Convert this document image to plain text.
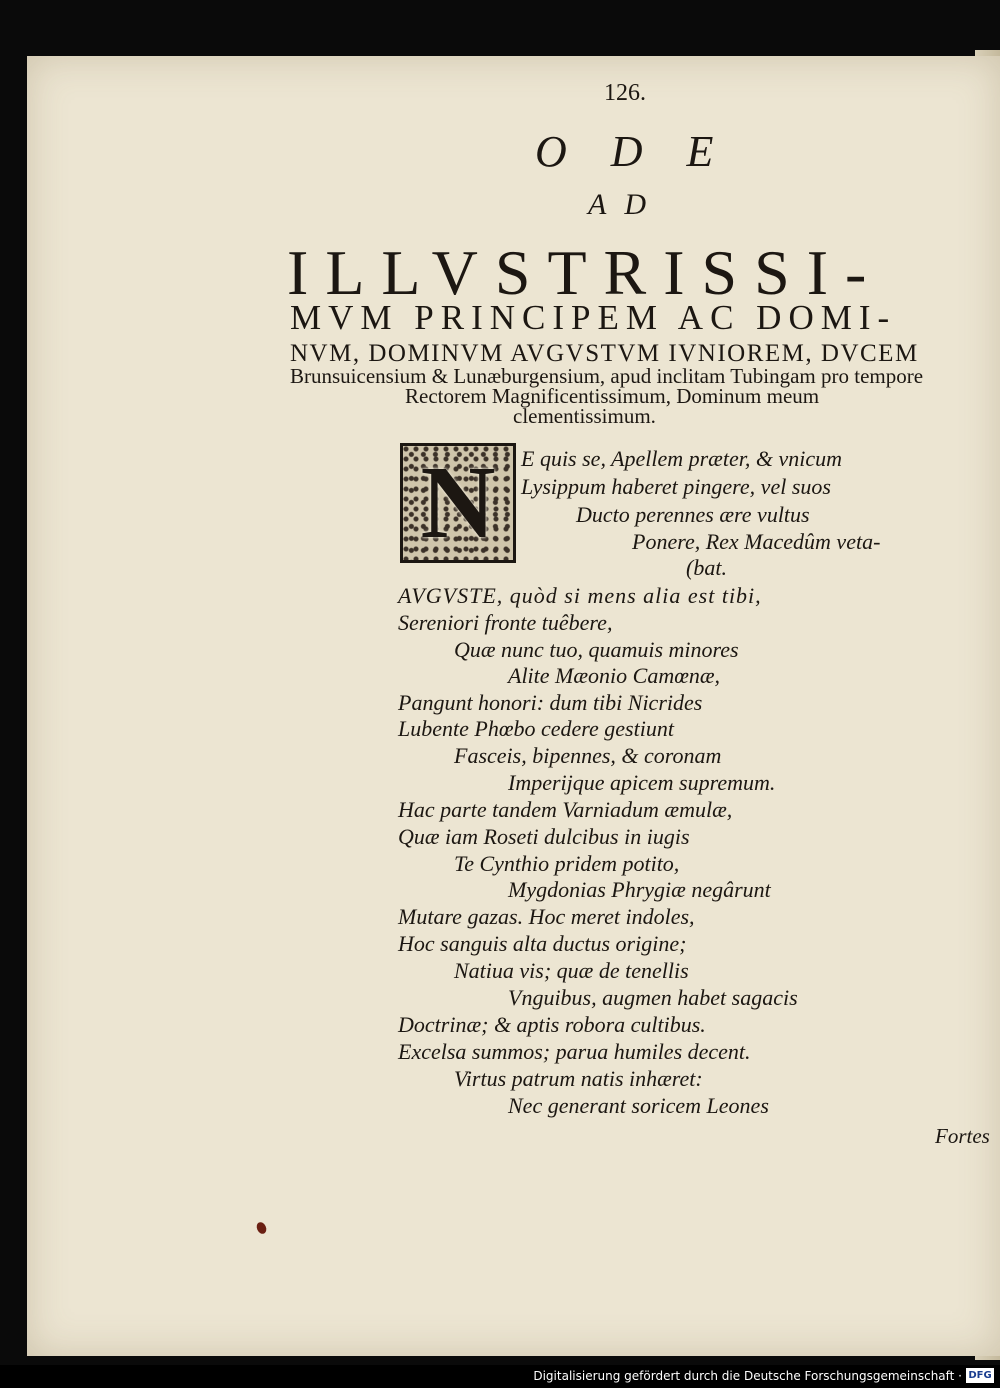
126.
ODE
AD
ILLVSTRISSI-
MVM PRINCIPEM AC DOMI-
NVM, DOMINVM AVGVSTVM IVNIOREM, DVCEM
Brunsuicensium & Lunæburgensium, apud inclitam Tubingam pro tempore
Rectorem Magnificentissimum, Dominum meum
clementissimum.
N	E quis se, Apellem præter, & vnicum
Lysippum haberet pingere, vel suos
Ducto perennes ære vultus
Ponere, Rex Macedûm veta-
(bat.
AVGVSTE, quòd si mens alia est tibi,
Sereniori fronte tuêbere,
Quæ nunc tuo, quamuis minores
Alite Mæonio Camœnæ,
Pangunt honori: dum tibi Nicrides
Lubente Phœbo cedere gestiunt
Fasceis, bipennes, & coronam
Imperijque apicem supremum.
Hac parte tandem Varniadum æmulæ,
Quæ iam Roseti dulcibus in iugis
Te Cynthio pridem potito,
Mygdonias Phrygiæ negârunt
Mutare gazas. Hoc meret indoles,
Hoc sanguis alta ductus origine;
Natiua vis; quæ de tenellis
Vnguibus, augmen habet sagacis
Doctrinæ; & aptis robora cultibus.
Excelsa summos; parua humiles decent.
Virtus patrum natis inhæret:
Nec generant soricem Leones
Fortes
Digitalisierung gefördert durch die Deutsche Forschungsgemeinschaft · DFG
